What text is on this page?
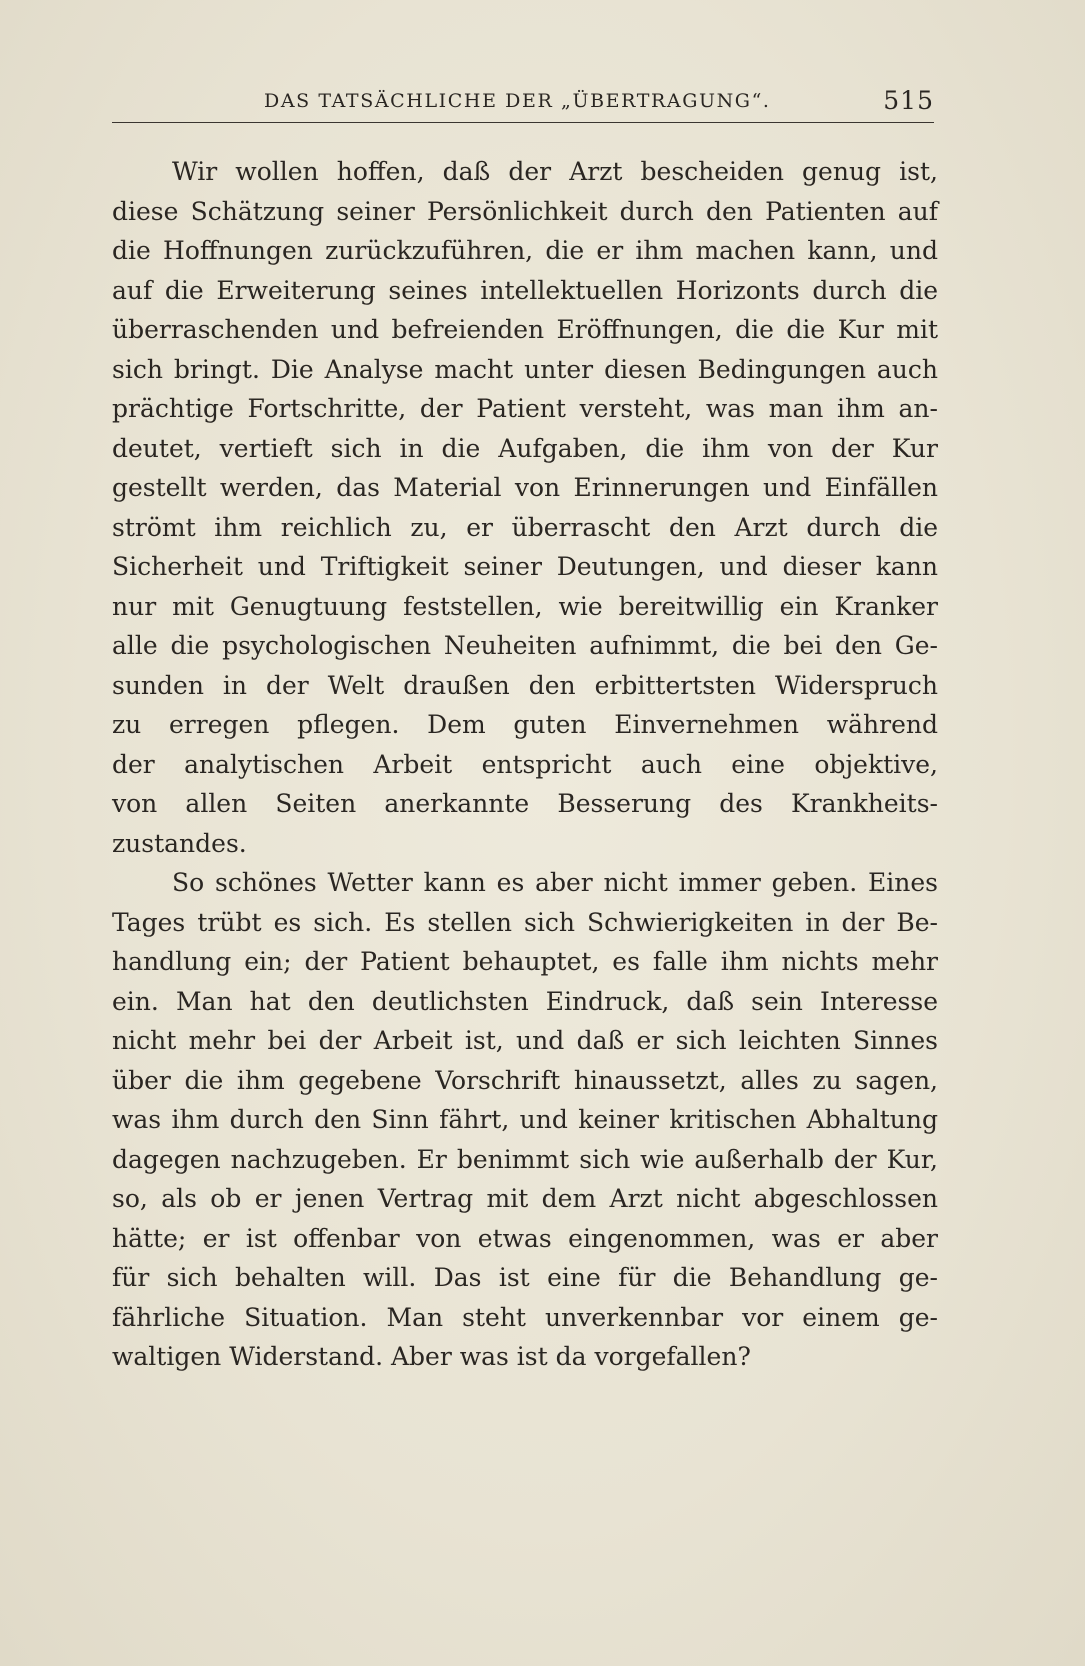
DAS TATSÄCHLICHE DER „ÜBERTRAGUNG“.	515
Wir wollen hoffen, daß der Arzt bescheiden genug ist,
diese Schätzung seiner Persönlichkeit durch den Patienten auf
die Hoffnungen zurückzuführen, die er ihm machen kann, und
auf die Erweiterung seines intellektuellen Horizonts durch die
überraschenden und befreienden Eröffnungen, die die Kur mit
sich bringt. Die Analyse macht unter diesen Bedingungen auch
prächtige Fortschritte, der Patient versteht, was man ihm an-
deutet, vertieft sich in die Aufgaben, die ihm von der Kur
gestellt werden, das Material von Erinnerungen und Einfällen
strömt ihm reichlich zu, er überrascht den Arzt durch die
Sicherheit und Triftigkeit seiner Deutungen, und dieser kann
nur mit Genugtuung feststellen, wie bereitwillig ein Kranker
alle die psychologischen Neuheiten aufnimmt, die bei den Ge-
sunden in der Welt draußen den erbittertsten Widerspruch
zu erregen pflegen. Dem guten Einvernehmen während
der analytischen Arbeit entspricht auch eine objektive,
von allen Seiten anerkannte Besserung des Krankheits-
zustandes.
So schönes Wetter kann es aber nicht immer geben. Eines
Tages trübt es sich. Es stellen sich Schwierigkeiten in der Be-
handlung ein; der Patient behauptet, es falle ihm nichts mehr
ein. Man hat den deutlichsten Eindruck, daß sein Interesse
nicht mehr bei der Arbeit ist, und daß er sich leichten Sinnes
über die ihm gegebene Vorschrift hinaussetzt, alles zu sagen,
was ihm durch den Sinn fährt, und keiner kritischen Abhaltung
dagegen nachzugeben. Er benimmt sich wie außerhalb der Kur,
so, als ob er jenen Vertrag mit dem Arzt nicht abgeschlossen
hätte; er ist offenbar von etwas eingenommen, was er aber
für sich behalten will. Das ist eine für die Behandlung ge-
fährliche Situation. Man steht unverkennbar vor einem ge-
waltigen Widerstand. Aber was ist da vorgefallen?
